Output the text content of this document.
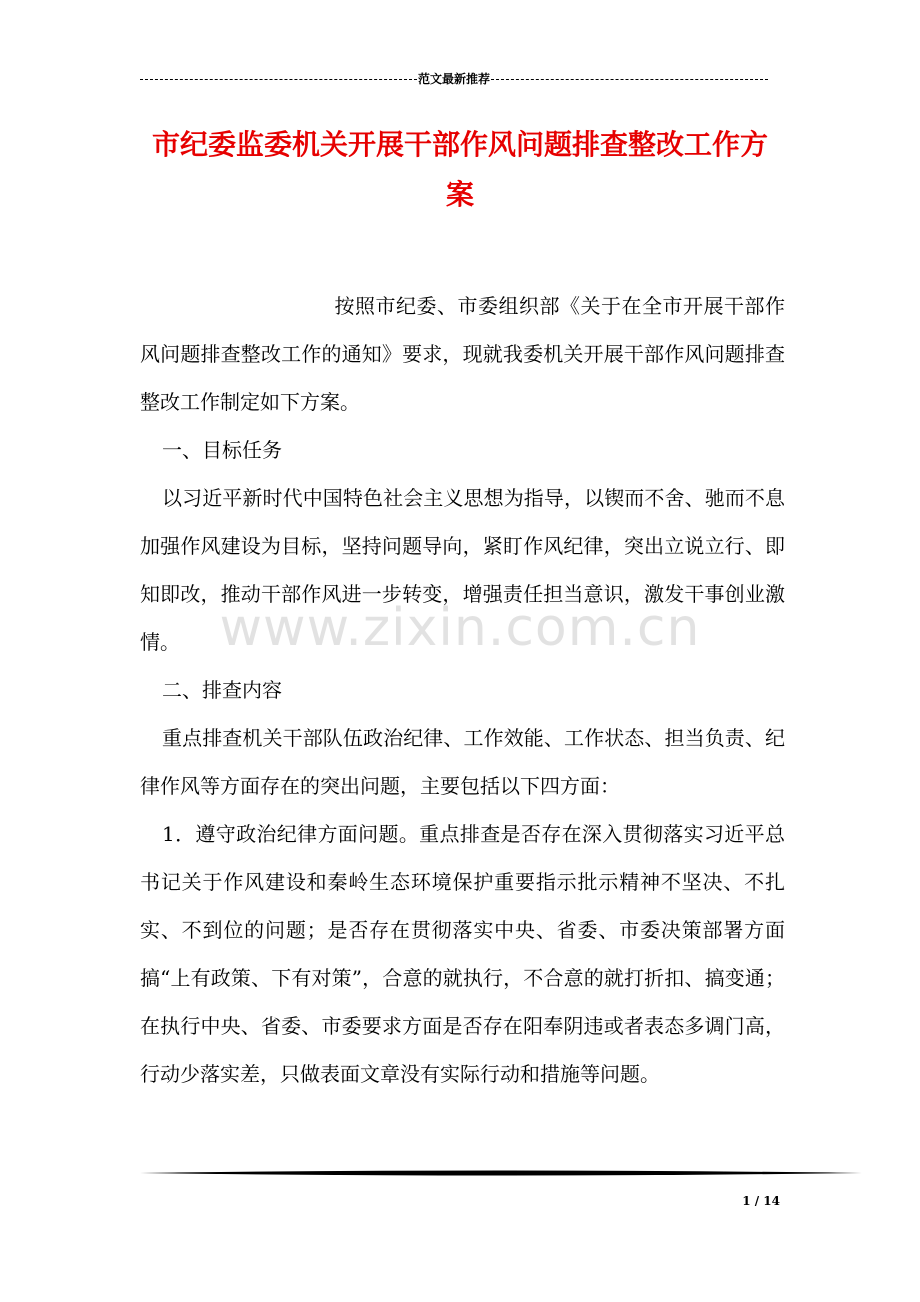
范文最新推荐
市纪委监委机关开展干部作风问题排查整改工作方案
按照市纪委、市委组织部《关于在全市开展干部作风问题排查整改工作的通知》要求，现就我委机关开展干部作风问题排查整改工作制定如下方案。

一、目标任务

以习近平新时代中国特色社会主义思想为指导，以锲而不舍、驰而不息加强作风建设为目标，坚持问题导向，紧盯作风纪律，突出立说立行、即知即改，推动干部作风进一步转变，增强责任担当意识，激发干事创业激情。

二、排查内容

重点排查机关干部队伍政治纪律、工作效能、工作状态、担当负责、纪律作风等方面存在的突出问题，主要包括以下四方面：

1．遵守政治纪律方面问题。重点排查是否存在深入贯彻落实习近平总书记关于作风建设和秦岭生态环境保护重要指示批示精神不坚决、不扎实、不到位的问题；是否存在贯彻落实中央、省委、市委决策部署方面搞“上有政策、下有对策”，合意的就执行，不合意的就打折扣、搞变通；在执行中央、省委、市委要求方面是否存在阳奉阴违或者表态多调门高，行动少落实差，只做表面文章没有实际行动和措施等问题。

www.zixin.com.cn
1 / 14
